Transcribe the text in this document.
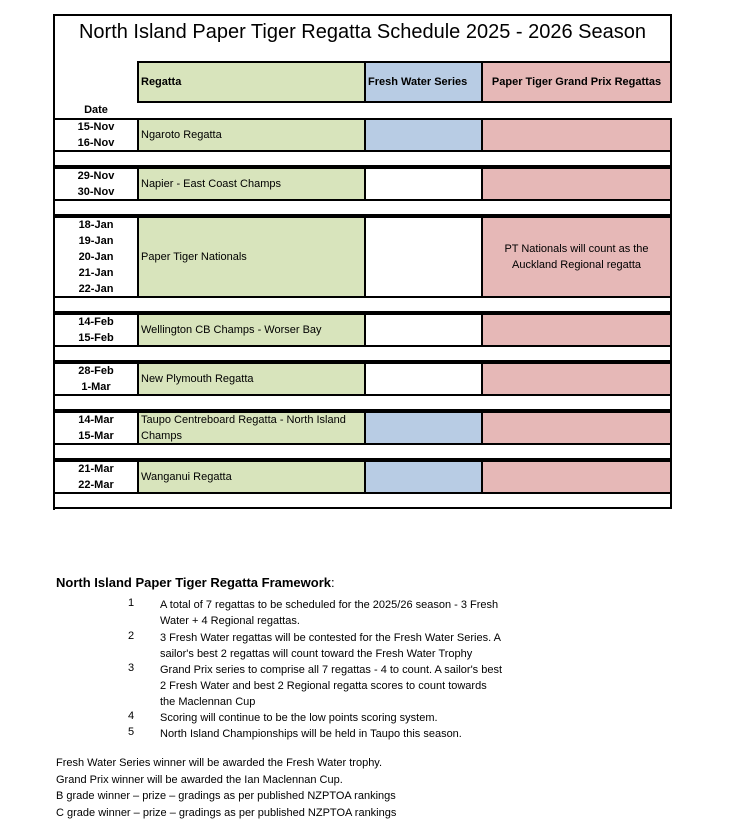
North Island Paper Tiger Regatta Schedule 2025 - 2026 Season
Regatta	Fresh Water Series	Paper Tiger Grand Prix Regattas
Date
15-Nov
16-Nov
Ngaroto Regatta
29-Nov
30-Nov
Napier - East Coast Champs
18-Jan
19-Jan
20-Jan
21-Jan
22-Jan
Paper Tiger Nationals
PT Nationals will count as the Auckland Regional regatta
14-Feb
15-Feb
Wellington CB Champs - Worser Bay
28-Feb
1-Mar
New Plymouth Regatta
14-Mar
15-Mar
Taupo Centreboard Regatta - North Island Champs
21-Mar
22-Mar
Wanganui Regatta
North Island Paper Tiger Regatta Framework:
1 A total of 7 regattas to be scheduled for the 2025/26 season - 3 Fresh Water + 4 Regional regattas.
2 3 Fresh Water regattas will be contested for the Fresh Water Series. A sailor's best 2 regattas will count toward the Fresh Water Trophy
3 Grand Prix series to comprise all 7 regattas - 4 to count. A sailor's best 2 Fresh Water and best 2 Regional regatta scores to count towards the Maclennan Cup
4 Scoring will continue to be the low points scoring system.
5 North Island Championships will be held in Taupo this season.
Fresh Water Series winner will be awarded the Fresh Water trophy.
Grand Prix winner will be awarded the Ian Maclennan Cup.
B grade winner – prize – gradings as per published NZPTOA rankings
C grade winner – prize – gradings as per published NZPTOA rankings
